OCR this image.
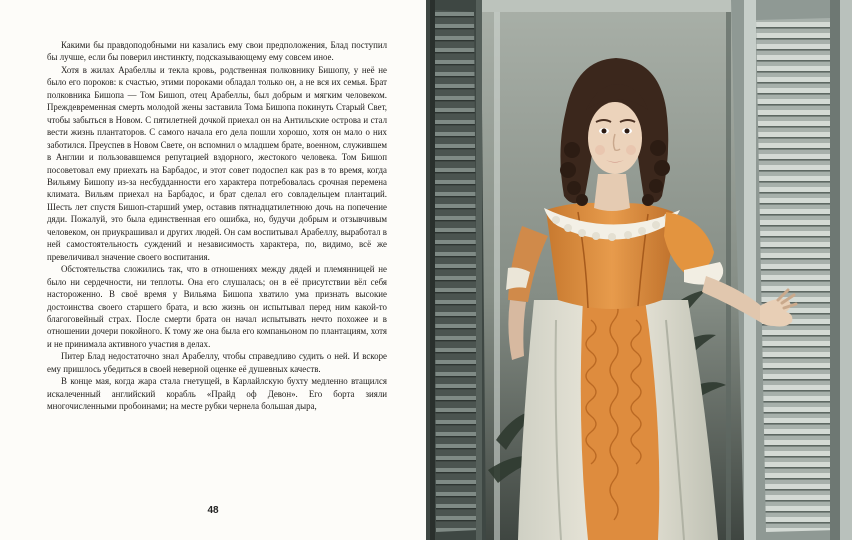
Какими бы правдоподобными ни казались ему свои предположения, Блад поступил бы лучше, если бы поверил инстинкту, подсказывающему ему совсем иное.

Хотя в жилах Арабеллы и текла кровь, родственная полковнику Бишопу, у неё не было его пороков: к счастью, этими пороками обладал только он, а не вся их семья. Брат полковника Бишопа — Том Бишоп, отец Арабеллы, был добрым и мягким человеком. Преждевременная смерть молодой жены заставила Тома Бишопа покинуть Старый Свет, чтобы забыться в Новом. С пятилетней дочкой приехал он на Антильские острова и стал вести жизнь плантаторов. С самого начала его дела пошли хорошо, хотя он мало о них заботился. Преуспев в Новом Свете, он вспомнил о младшем брате, военном, служившем в Англии и пользовавшемся репутацией вздорного, жестокого человека. Том Бишоп посоветовал ему приехать на Барбадос, и этот совет подоспел как раз в то время, когда Вильяму Бишопу из-за несбудданности его характера потребовалась срочная перемена климата. Вильям приехал на Барбадос, и брат сделал его совладельцем плантаций. Шесть лет спустя Бишоп-старший умер, оставив пятнадцатилетнюю дочь на попечение дяди. Пожалуй, это была единственная его ошибка, но, будучи добрым и отзывчивым человеком, он приукрашивал и других людей. Он сам воспитывал Арабеллу, выработал в ней самостоятельность суждений и независимость характера, по, видимо, всё же превеличивал значение своего воспитания.

Обстоятельства сложились так, что в отношениях между дядей и племянницей не было ни сердечности, ни теплоты. Она его слушалась; он в её присутствии вёл себя настороженно. В своё время у Вильяма Бишопа хватило ума признать высокие достоинства своего старшего брата, и всю жизнь он испытывал перед ним какой-то благоговейный страх. После смерти брата он начал испытывать нечто похожее и в отношении дочери покойного. К тому же она была его компаньоном по плантациям, хотя и не принимала активного участия в делах.

Питер Блад недостаточно знал Арабеллу, чтобы справедливо судить о ней. И вскоре ему пришлось убедиться в своей неверной оценке её душевных качеств.

В конце мая, когда жара стала гнетущей, в Карлайлскую бухту медленно втащился искалеченный английский корабль «Прайд оф Девон». Его борта зияли многочисленными пробоинами; на месте рубки чернела большая дыра,

48
